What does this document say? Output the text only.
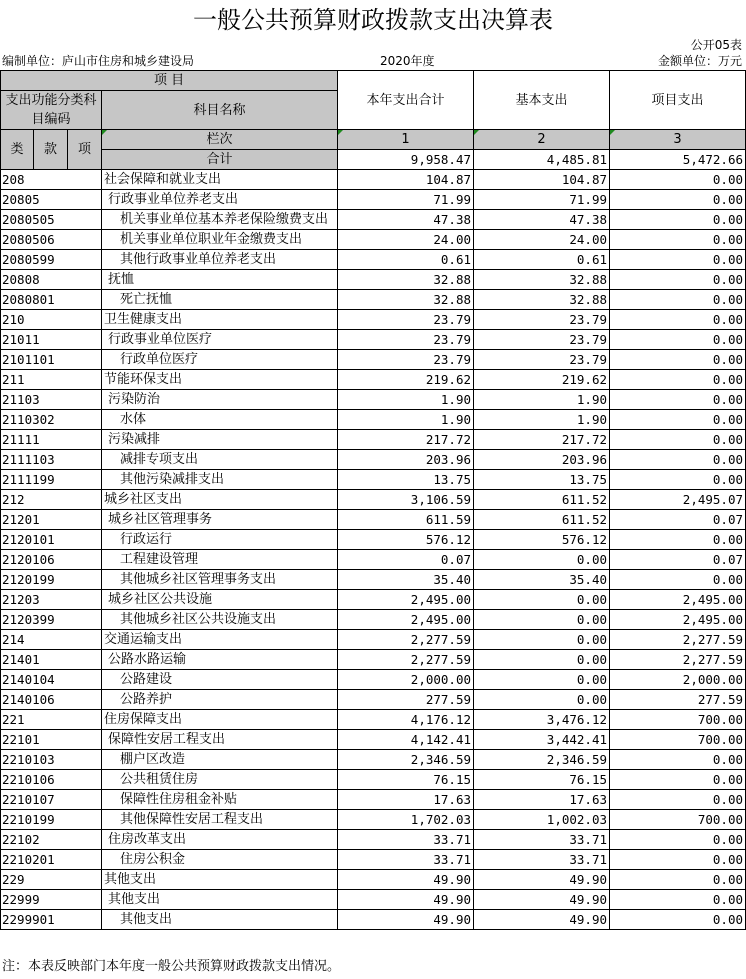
一般公共预算财政拨款支出决算表
公开05表
编制单位：庐山市住房和城乡建设局	2020年度	金额单位：万元
项 目				本年支出合计	基本支出	项目支出
支出功能分类科目编码			科目名称			

类	款	项	栏次	1	2	3
			合计	9,958.47	4,485.81	5,472.66
208			社会保障和就业支出	104.87	104.87	0.00
20805			行政事业单位养老支出	71.99	71.99	0.00
2080505			机关事业单位基本养老保险缴费支出	47.38	47.38	0.00
2080506			机关事业单位职业年金缴费支出	24.00	24.00	0.00
2080599			其他行政事业单位养老支出	0.61	0.61	0.00
20808			抚恤	32.88	32.88	0.00
2080801			死亡抚恤	32.88	32.88	0.00
210			卫生健康支出	23.79	23.79	0.00
21011			行政事业单位医疗	23.79	23.79	0.00
2101101			行政单位医疗	23.79	23.79	0.00
211			节能环保支出	219.62	219.62	0.00
21103			污染防治	1.90	1.90	0.00
2110302			水体	1.90	1.90	0.00
21111			污染减排	217.72	217.72	0.00
2111103			减排专项支出	203.96	203.96	0.00
2111199			其他污染减排支出	13.75	13.75	0.00
212			城乡社区支出	3,106.59	611.52	2,495.07
21201			城乡社区管理事务	611.59	611.52	0.07
2120101			行政运行	576.12	576.12	0.00
2120106			工程建设管理	0.07	0.00	0.07
2120199			其他城乡社区管理事务支出	35.40	35.40	0.00
21203			城乡社区公共设施	2,495.00	0.00	2,495.00
2120399			其他城乡社区公共设施支出	2,495.00	0.00	2,495.00
214			交通运输支出	2,277.59	0.00	2,277.59
21401			公路水路运输	2,277.59	0.00	2,277.59
2140104			公路建设	2,000.00	0.00	2,000.00
2140106			公路养护	277.59	0.00	277.59
221			住房保障支出	4,176.12	3,476.12	700.00
22101			保障性安居工程支出	4,142.41	3,442.41	700.00
2210103			棚户区改造	2,346.59	2,346.59	0.00
2210106			公共租赁住房	76.15	76.15	0.00
2210107			保障性住房租金补贴	17.63	17.63	0.00
2210199			其他保障性安居工程支出	1,702.03	1,002.03	700.00
22102			住房改革支出	33.71	33.71	0.00
2210201			住房公积金	33.71	33.71	0.00
229			其他支出	49.90	49.90	0.00
22999			其他支出	49.90	49.90	0.00
2299901			其他支出	49.90	49.90	0.00
注：本表反映部门本年度一般公共预算财政拨款支出情况。
